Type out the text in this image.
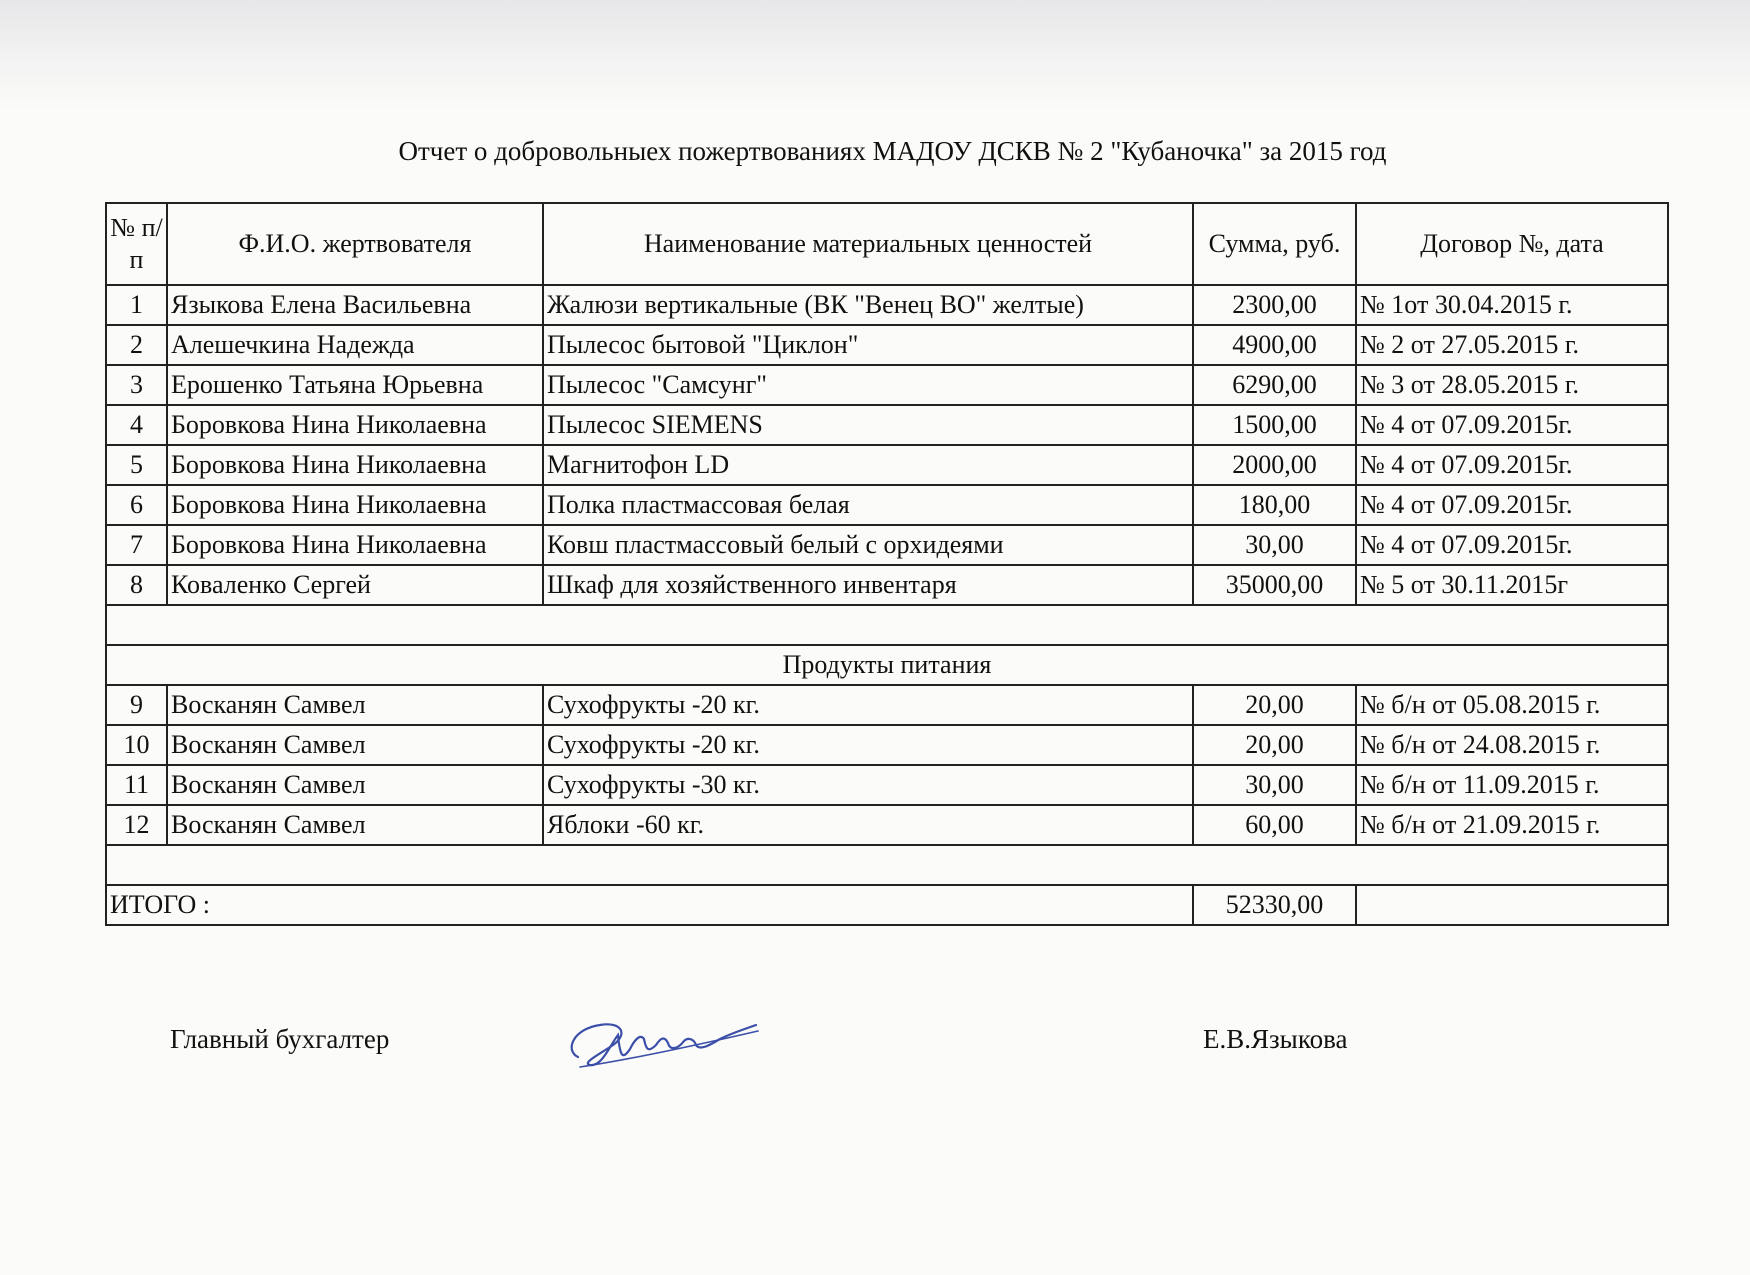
Отчет о добровольныех пожертвованиях МАДОУ ДСКВ № 2 "Кубаночка" за 2015 год
№ п/п	Ф.И.О. жертвователя	Наименование материальных ценностей	Сумма, руб.	Договор №, дата
1	Языкова Елена Васильевна	Жалюзи вертикальные (ВК "Венец ВО" желтые)	2300,00	№ 1от 30.04.2015 г.
2	Алешечкина Надежда	Пылесос бытовой "Циклон"	4900,00	№ 2 от 27.05.2015 г.
3	Ерошенко Татьяна Юрьевна	Пылесос "Самсунг"	6290,00	№ 3 от 28.05.2015 г.
4	Боровкова Нина Николаевна	Пылесос SIEMENS	1500,00	№ 4 от 07.09.2015г.
5	Боровкова Нина Николаевна	Магнитофон LD	2000,00	№ 4 от 07.09.2015г.
6	Боровкова Нина Николаевна	Полка пластмассовая белая	180,00	№ 4 от 07.09.2015г.
7	Боровкова Нина Николаевна	Ковш пластмассовый белый с орхидеями	30,00	№ 4 от 07.09.2015г.
8	Коваленко Сергей	Шкаф для хозяйственного инвентаря	35000,00	№ 5 от 30.11.2015г

Продукты питания				
9	Восканян Самвел	Сухофрукты -20 кг.	20,00	№ б/н от 05.08.2015 г.
10	Восканян Самвел	Сухофрукты -20 кг.	20,00	№ б/н от 24.08.2015 г.
11	Восканян Самвел	Сухофрукты -30 кг.	30,00	№ б/н от 11.09.2015 г.
12	Восканян Самвел	Яблоки -60 кг.	60,00	№ б/н от 21.09.2015 г.

ИТОГО :			52330,00	
Главный бухгалтер	Е.В.Языкова
